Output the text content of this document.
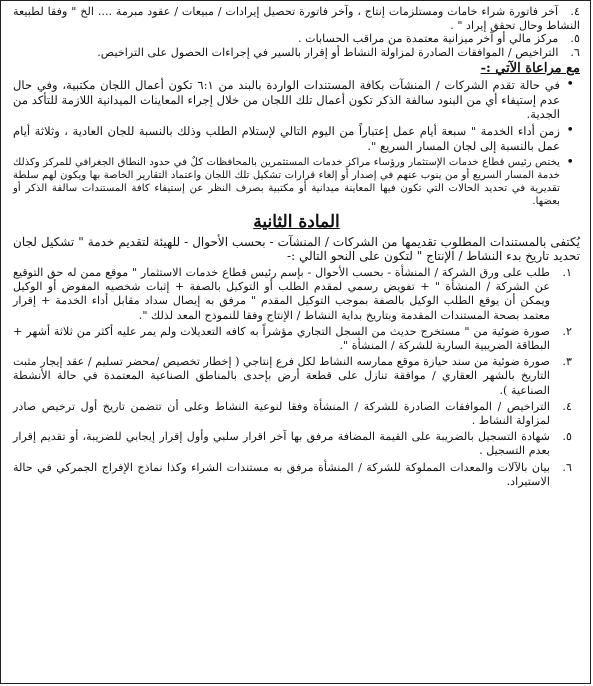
٤. آخر فاتورة شراء خامات ومستلزمات إنتاج ، وآخر فاتورة تحصيل إيرادات / مبيعات / عقود مبرمة .... الخ " وفقا لطبيعة النشاط وحال تحقق إيراد " .

٥. مركز مالي أو آخر ميزانية معتمدة من مراقب الحسابات .

٦. التراخيص / الموافقات الصادرة لمزاولة النشاط أو إقرار بالسير في إجراءات الحصول على التراخيص.

مع مراعاة الآتي :-

• في حالة تقدم الشركات / المنشآت بكافة المستندات الواردة بالبند من ٦:١ تكون أعمال اللجان مكتبية، وفي حال عدم إستيفاء أي من البنود سالفة الذكر تكون أعمال تلك اللجان من خلال إجراء المعاينات الميدانية اللازمة للتأكد من الجدية.
• زمن أداء الخدمة " سبعة أيام عمل إعتباراً من اليوم التالي لإستلام الطلب وذلك بالنسبة للجان العادية ، وثلاثة أيام عمل بالنسبة إلى لجان المسار السريع ".
• يختص رئيس قطاع خدمات الإستثمار ورؤساء مراكز خدمات المستثمرين بالمحافظات كلٌ في حدود النطاق الجغرافي للمركز وكذلك خدمة المسار السريع أو من ينوب عنهم في إصدار أو إلغاء قرارات تشكيل تلك اللجان واعتماد التقارير الخاصة بها ويكون لهم سلطة تقديرية في تحديد الحالات التي تكون فيها المعاينة ميدانية أو مكتبية بصرف النظر عن إستيفاء كافة المستندات سالفة الذكر أو بعضها.
المادة الثانية

يُكتفى بالمستندات المطلوب تقديمها من الشركات / المنشآت - بحسب الأحوال - للهيئة لتقديم خدمة " تشكيل لجان تحديد تاريخ بدء النشاط / الإنتاج " لتكون على النحو التالي :-

١.
طلب على ورق الشركة / المنشأة - بحسب الأحوال - بإسم رئيس قطاع خدمات الاستثمار " موقع ممن له حق التوقيع عن الشركة / المنشأة " + تفويض رسمي لمقدم الطلب أو التوكيل بالصفة + إثبات شخصيه المفوض أو الوكيل ويمكن أن يوقع الطلب الوكيل بالصفة بموجب التوكيل المقدم " مرفق به إيصال سداد مقابل أداء الخدمة + إقرار معتمد بصحة المستندات المقدمة وبتاريخ بداية النشاط / الإنتاج وفقا للنموذج المعد لذلك ".
٢.
صورة ضوئية من " مستخرج حديث من السجل التجاري مؤشراً به كافه التعديلات ولم يمر عليه أكثر من ثلاثة أشهر + البطاقة الضريبية السارية للشركة / المنشأة ".
٣.
صورة ضوئية من سند حيازة موقع ممارسه النشاط لكل فرع إنتاجي ( إخطار تخصيص /محضر تسليم / عقد إيجار مثبت التاريخ بالشهر العقاري / موافقة تنازل على قطعة أرض بإحدى بالمناطق الصناعية المعتمدة في حالة الأنشطة الصناعية ).
٤.
التراخيص / الموافقات الصادرة للشركة / المنشأة وفقا لنوعية النشاط وعلى أن تتضمن تاريخ أول ترخيص صادر لمزاولة النشاط .
٥.
شهادة التسجيل بالضريبة على القيمة المضافة مرفق بها آخر اقرار سلبي وأول إقرار إيجابي للضريبة، أو تقديم إقرار بعدم التسجيل .
٦.
بيان بالآلات والمعدات المملوكة للشركة / المنشأة مرفق به مستندات الشراء وكذا نماذج الإفراج الجمركي في حالة الاستيراد.
